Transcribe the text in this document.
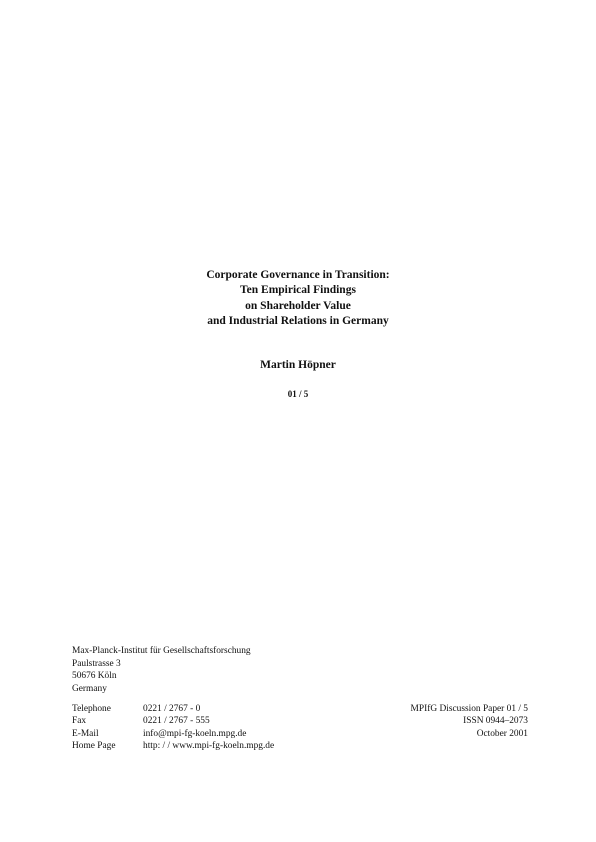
Corporate Governance in Transition:
Ten Empirical Findings
on Shareholder Value
and Industrial Relations in Germany
Martin Höpner
01 / 5
Max-Planck-Institut für Gesellschaftsforschung
Paulstrasse 3
50676 Köln
Germany
Telephone	0221 / 2767 - 0	MPIfG Discussion Paper 01 / 5
Fax	0221 / 2767 - 555	ISSN 0944–2073
E-Mail	info@mpi-fg-koeln.mpg.de	October 2001
Home Page	http: / / www.mpi-fg-koeln.mpg.de
